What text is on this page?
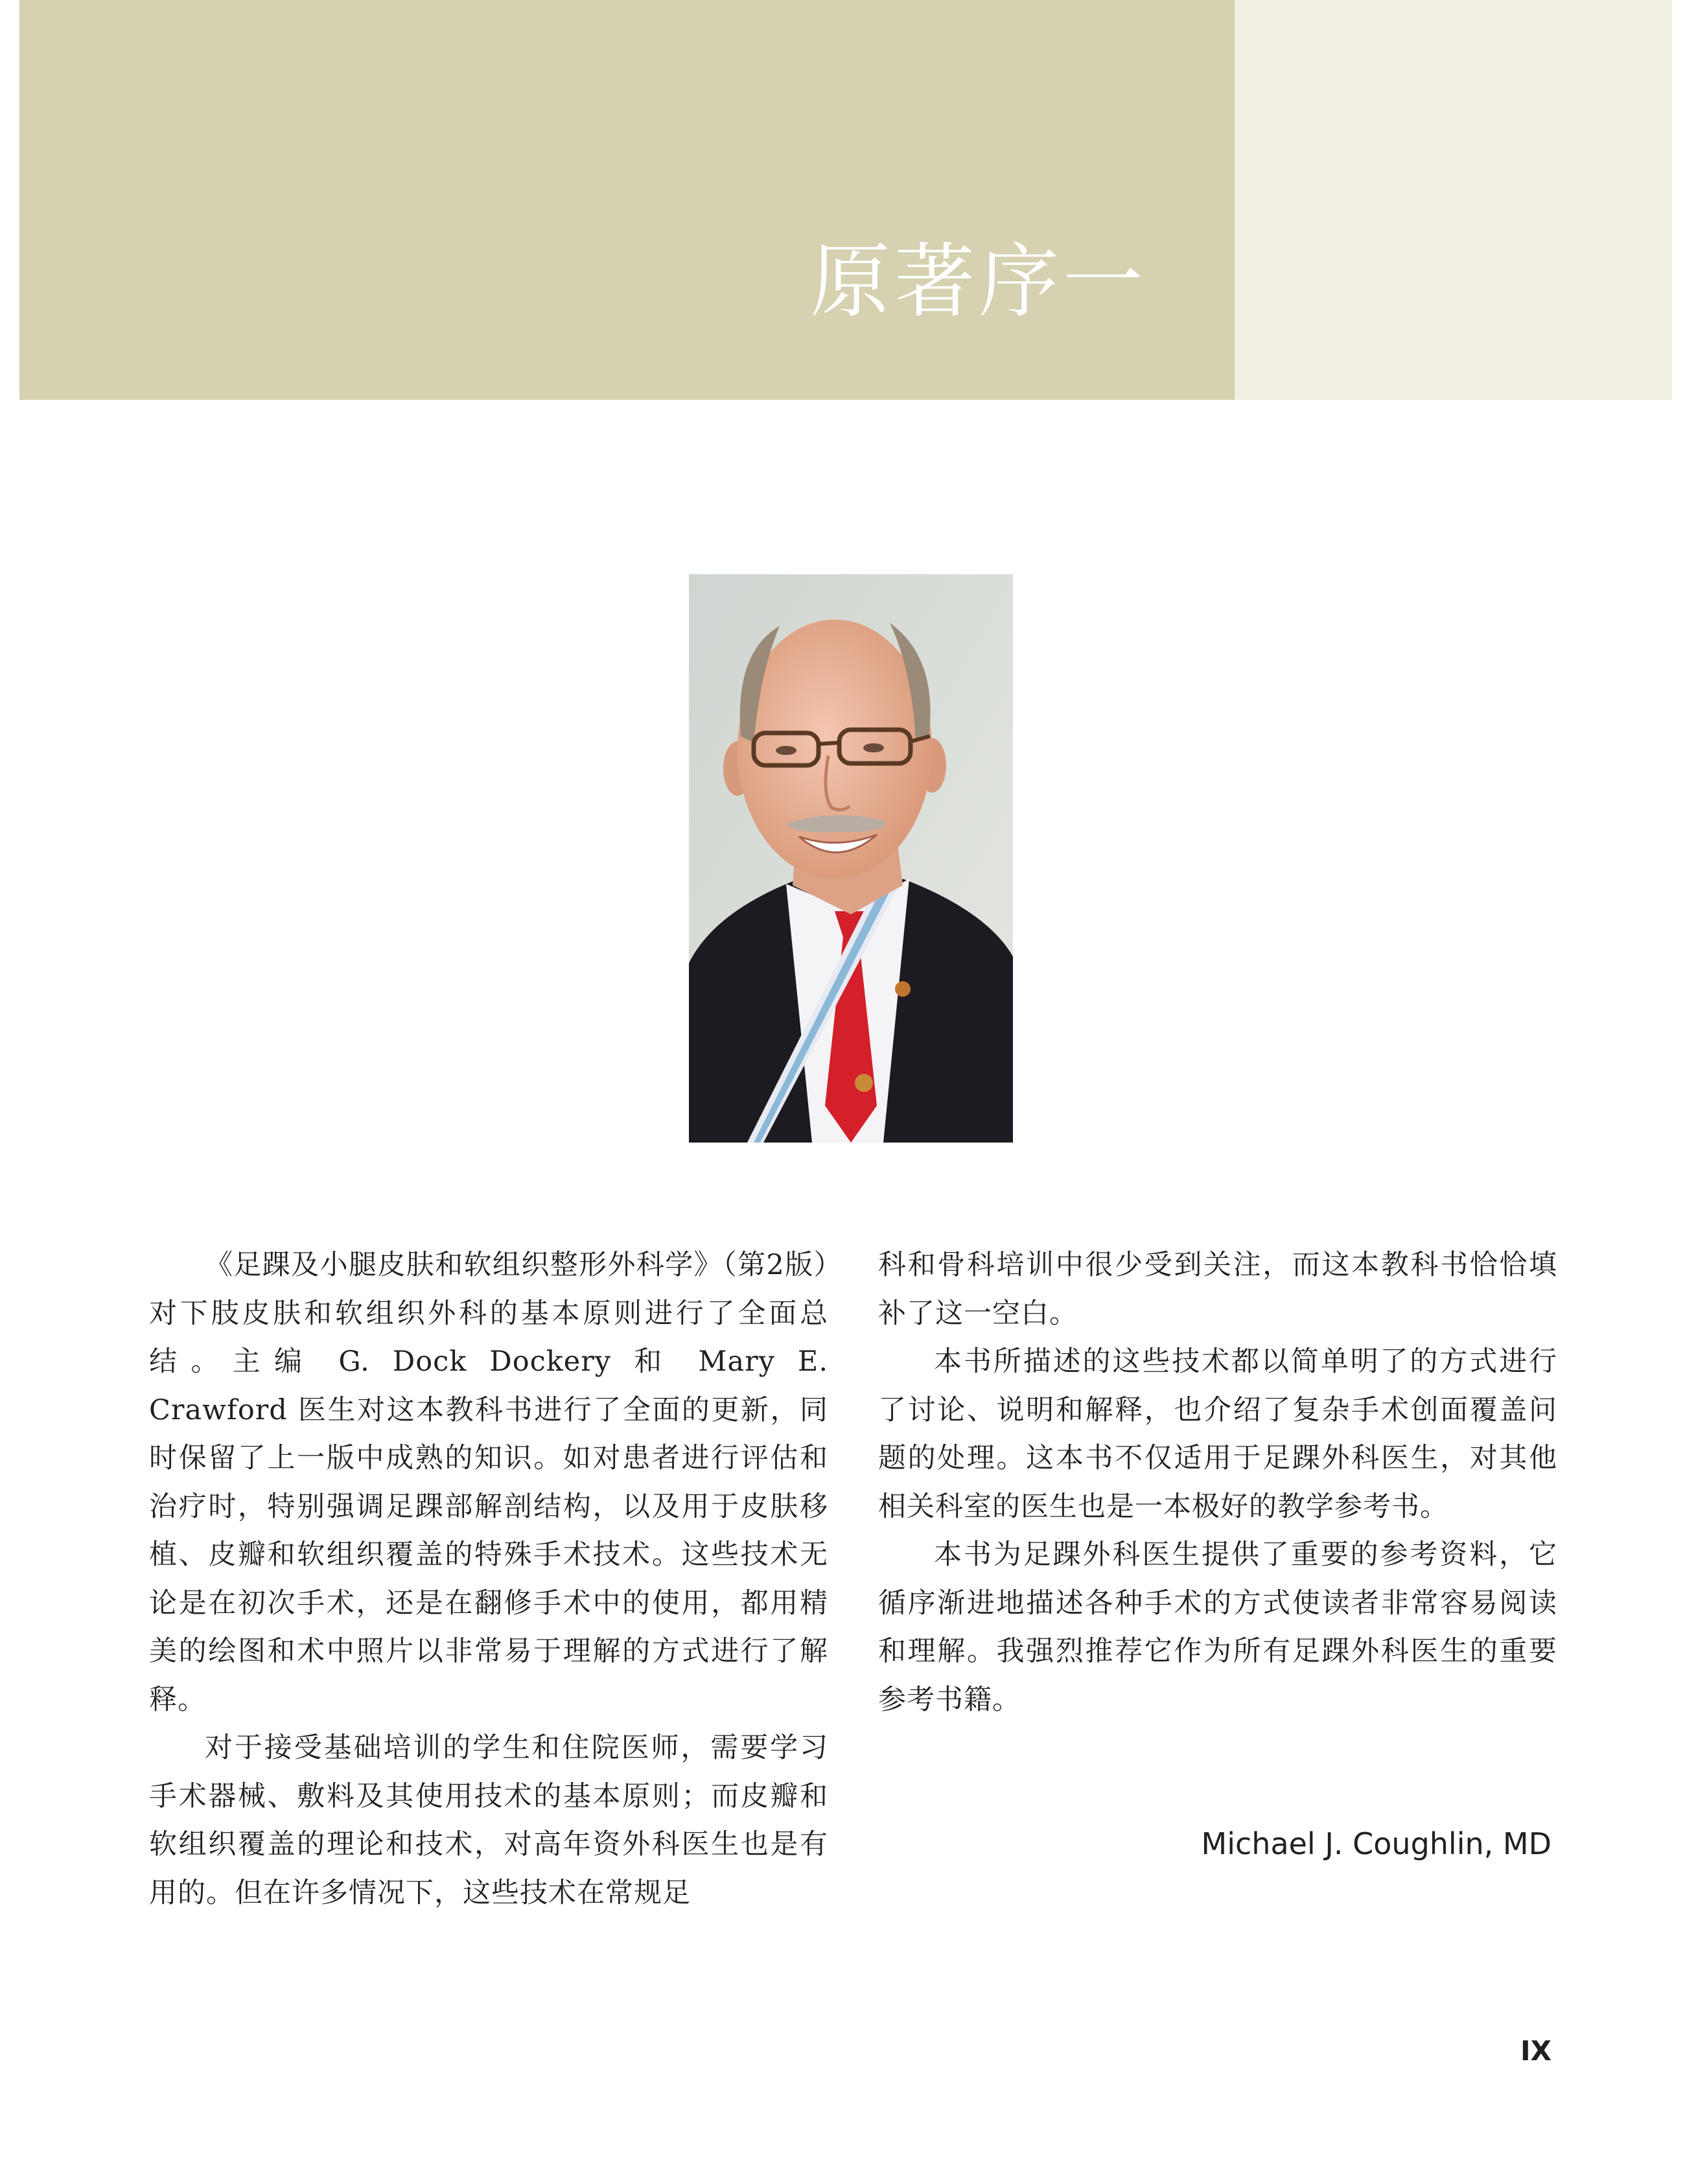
原著序一

《足踝及小腿皮肤和软组织整形外科学》（第2版）对下肢皮肤和软组织外科的基本原则进行了全面总结。主编 G. Dock Dockery 和 Mary E. Crawford 医生对这本教科书进行了全面的更新，同时保留了上一版中成熟的知识。如对患者进行评估和治疗时，特别强调足踝部解剖结构，以及用于皮肤移植、皮瓣和软组织覆盖的特殊手术技术。这些技术无论是在初次手术，还是在翻修手术中的使用，都用精美的绘图和术中照片以非常易于理解的方式进行了解释。

对于接受基础培训的学生和住院医师，需要学习手术器械、敷料及其使用技术的基本原则；而皮瓣和软组织覆盖的理论和技术，对高年资外科医生也是有用的。但在许多情况下，这些技术在常规足

科和骨科培训中很少受到关注，而这本教科书恰恰填补了这一空白。

本书所描述的这些技术都以简单明了的方式进行了讨论、说明和解释，也介绍了复杂手术创面覆盖问题的处理。这本书不仅适用于足踝外科医生，对其他相关科室的医生也是一本极好的教学参考书。

本书为足踝外科医生提供了重要的参考资料，它循序渐进地描述各种手术的方式使读者非常容易阅读和理解。我强烈推荐它作为所有足踝外科医生的重要参考书籍。

Michael J. Coughlin, MD
IX
